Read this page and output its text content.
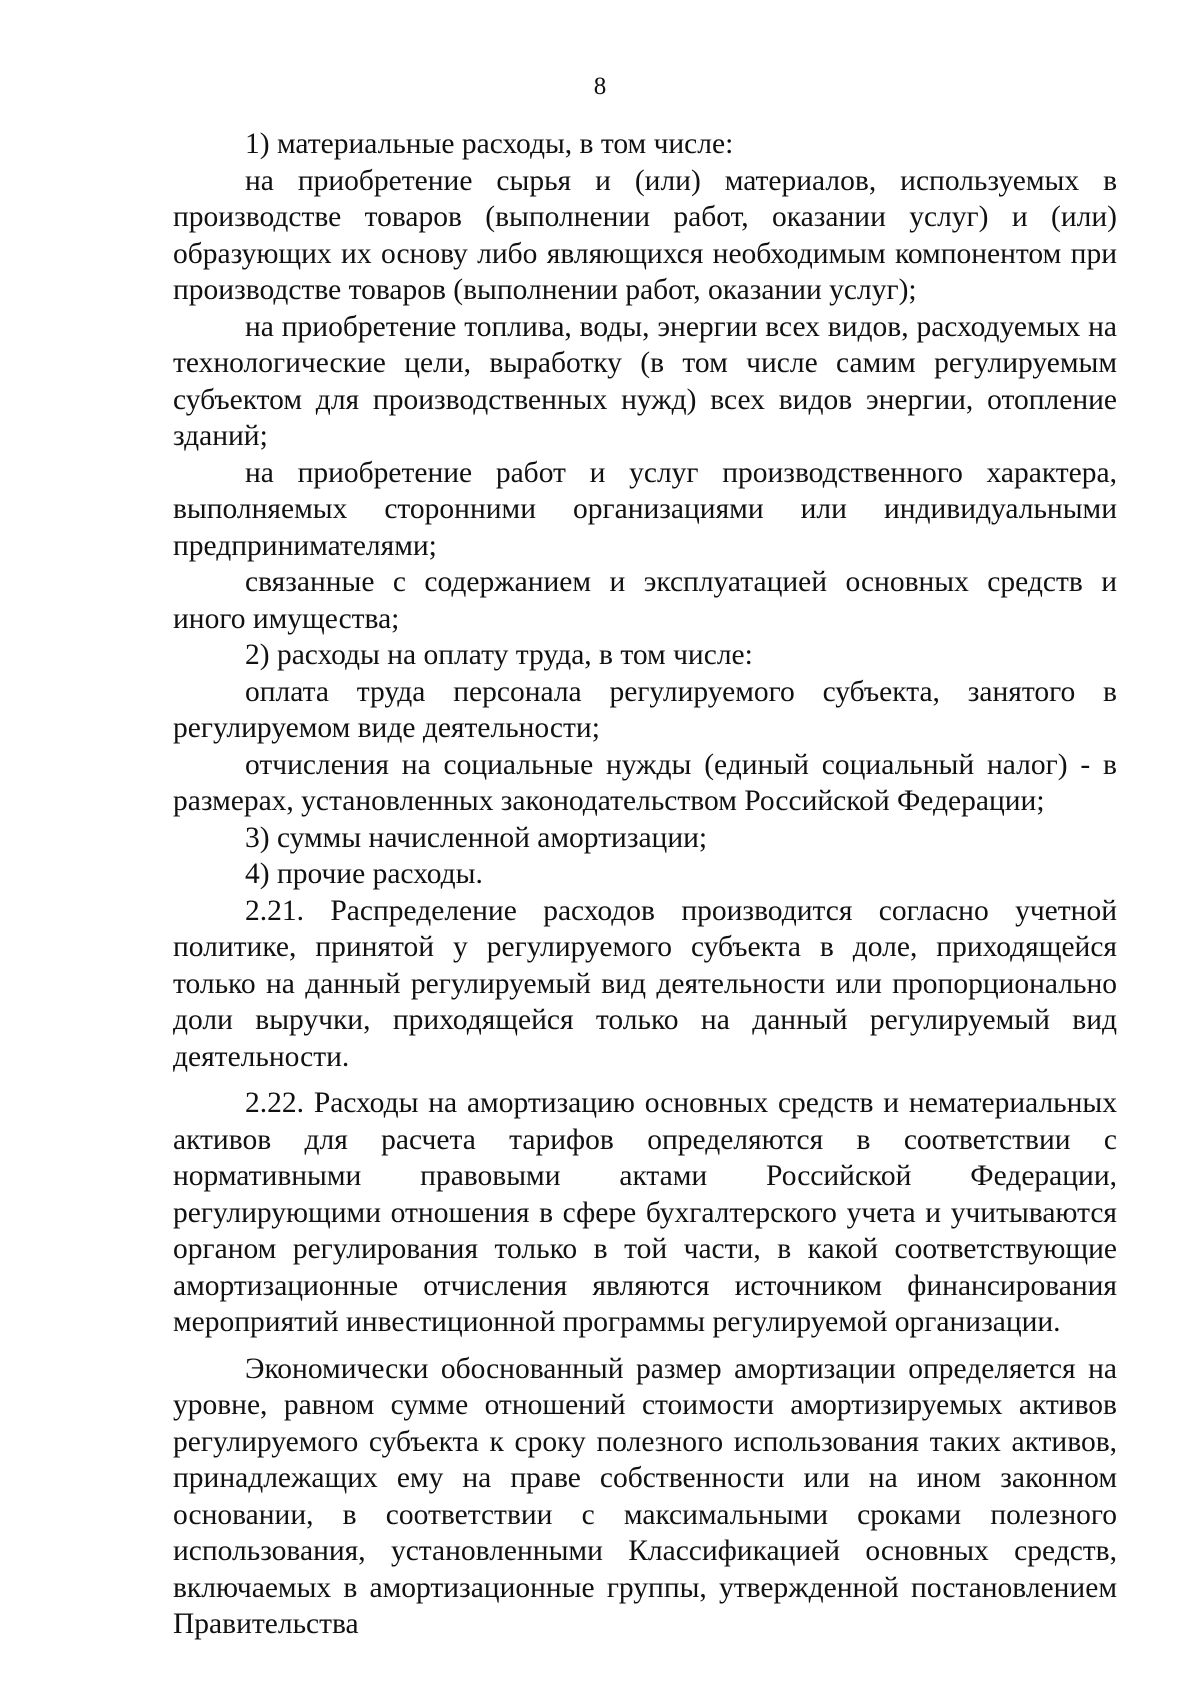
8

1) материальные расходы, в том числе:

на приобретение сырья и (или) материалов, используемых в производстве товаров (выполнении работ, оказании услуг) и (или) образующих их основу либо являющихся необходимым компонентом при производстве товаров (выполнении работ, оказании услуг);

на приобретение топлива, воды, энергии всех видов, расходуемых на технологические цели, выработку (в том числе самим регулируемым субъектом для производственных нужд) всех видов энергии, отопление зданий;

на приобретение работ и услуг производственного характера, выполняемых сторонними организациями или индивидуальными предпринимателями;

связанные с содержанием и эксплуатацией основных средств и иного имущества;

2) расходы на оплату труда, в том числе:

оплата труда персонала регулируемого субъекта, занятого в регулируемом виде деятельности;

отчисления на социальные нужды (единый социальный налог) - в размерах, установленных законодательством Российской Федерации;

3) суммы начисленной амортизации;

4) прочие расходы.

2.21. Распределение расходов производится согласно учетной политике, принятой у регулируемого субъекта в доле, приходящейся только на данный регулируемый вид деятельности или пропорционально доли выручки, приходящейся только на данный регулируемый вид деятельности.

2.22. Расходы на амортизацию основных средств и нематериальных активов для расчета тарифов определяются в соответствии с нормативными правовыми актами Российской Федерации, регулирующими отношения в сфере бухгалтерского учета и учитываются органом регулирования только в той части, в какой соответствующие амортизационные отчисления являются источником финансирования мероприятий инвестиционной программы регулируемой организации.

Экономически обоснованный размер амортизации определяется на уровне, равном сумме отношений стоимости амортизируемых активов регулируемого субъекта к сроку полезного использования таких активов, принадлежащих ему на праве собственности или на ином законном основании, в соответствии с максимальными сроками полезного использования, установленными Классификацией основных средств, включаемых в амортизационные группы, утвержденной постановлением Правительства
